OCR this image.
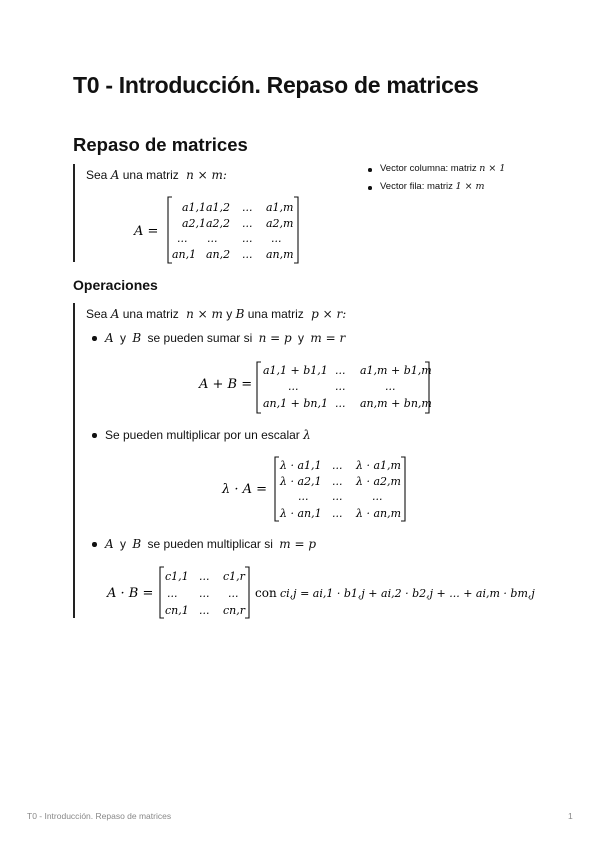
T0 - Introducción. Repaso de matrices
Repaso de matrices
Sea A una matriz n × m:	Vector columna: matriz n × 1
Vector fila: matriz 1 × m
A =
a1,1 a1,2 ... a1,m
a2,1 a2,2 ... a2,m
... ... ... ...
an,1 an,2 ... an,m
Operaciones
Sea A una matriz n × m y B una matriz p × r:
A y B se pueden sumar si n = p y m = r
A + B =
a1,1 + b1,1 ... a1,m + b1,m
...	...	...
an,1 + bn,1 ... an,m + bn,m
Se pueden multiplicar por un escalar λ
λ · A =
λ · a1,1 ... λ · a1,m
λ · a2,1 ... λ · a2,m
... ...	...
λ · an,1 ... λ · an,m
A y B se pueden multiplicar si m = p
A · B =
c1,1 ... c1,r
... ... ...
cn,1 ... cn,r
con ci,j = ai,1 · b1,j + ai,2 · b2,j + ... + ai,m · bm,j
T0 - Introducción. Repaso de matrices	1
